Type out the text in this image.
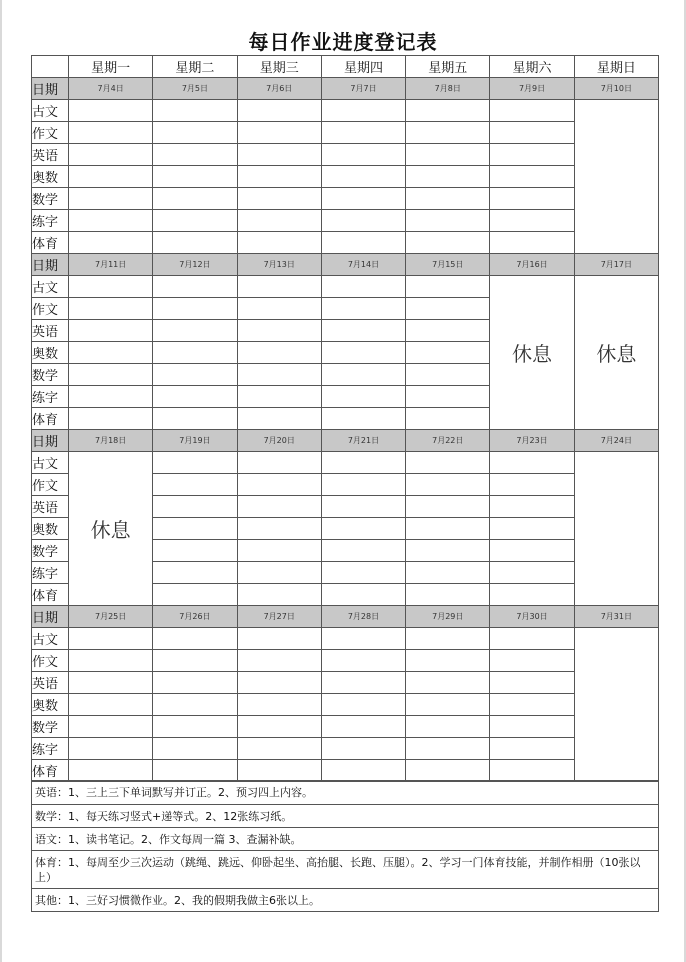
每日作业进度登记表
	星期一	星期二	星期三	星期四	星期五	星期六	星期日
日期	7月4日	7月5日	7月6日	7月7日	7月8日	7月9日	7月10日
古文							
作文							
英语							
奥数							
数学							
练字							
体育							
日期	7月11日	7月12日	7月13日	7月14日	7月15日	7月16日	7月17日
古文						休息	休息
作文							
英语							
奥数							
数学							
练字							
体育							
日期	7月18日	7月19日	7月20日	7月21日	7月22日	7月23日	7月24日
古文	休息						
作文							
英语							
奥数							
数学							
练字							
体育							
日期	7月25日	7月26日	7月27日	7月28日	7月29日	7月30日	7月31日
古文							
作文							
英语							
奥数							
数学							
练字							
体育							
英语：1、三上三下单词默写并订正。2、预习四上内容。
数学：1、每天练习竖式+递等式。2、12张练习纸。
语文：1、读书笔记。2、作文每周一篇 3、查漏补缺。
体育：1、每周至少三次运动（跳绳、跳远、仰卧起坐、高抬腿、长跑、压腿）。2、学习一门体育技能，并制作相册（10张以上）
其他：1、三好习惯微作业。2、我的假期我做主6张以上。
